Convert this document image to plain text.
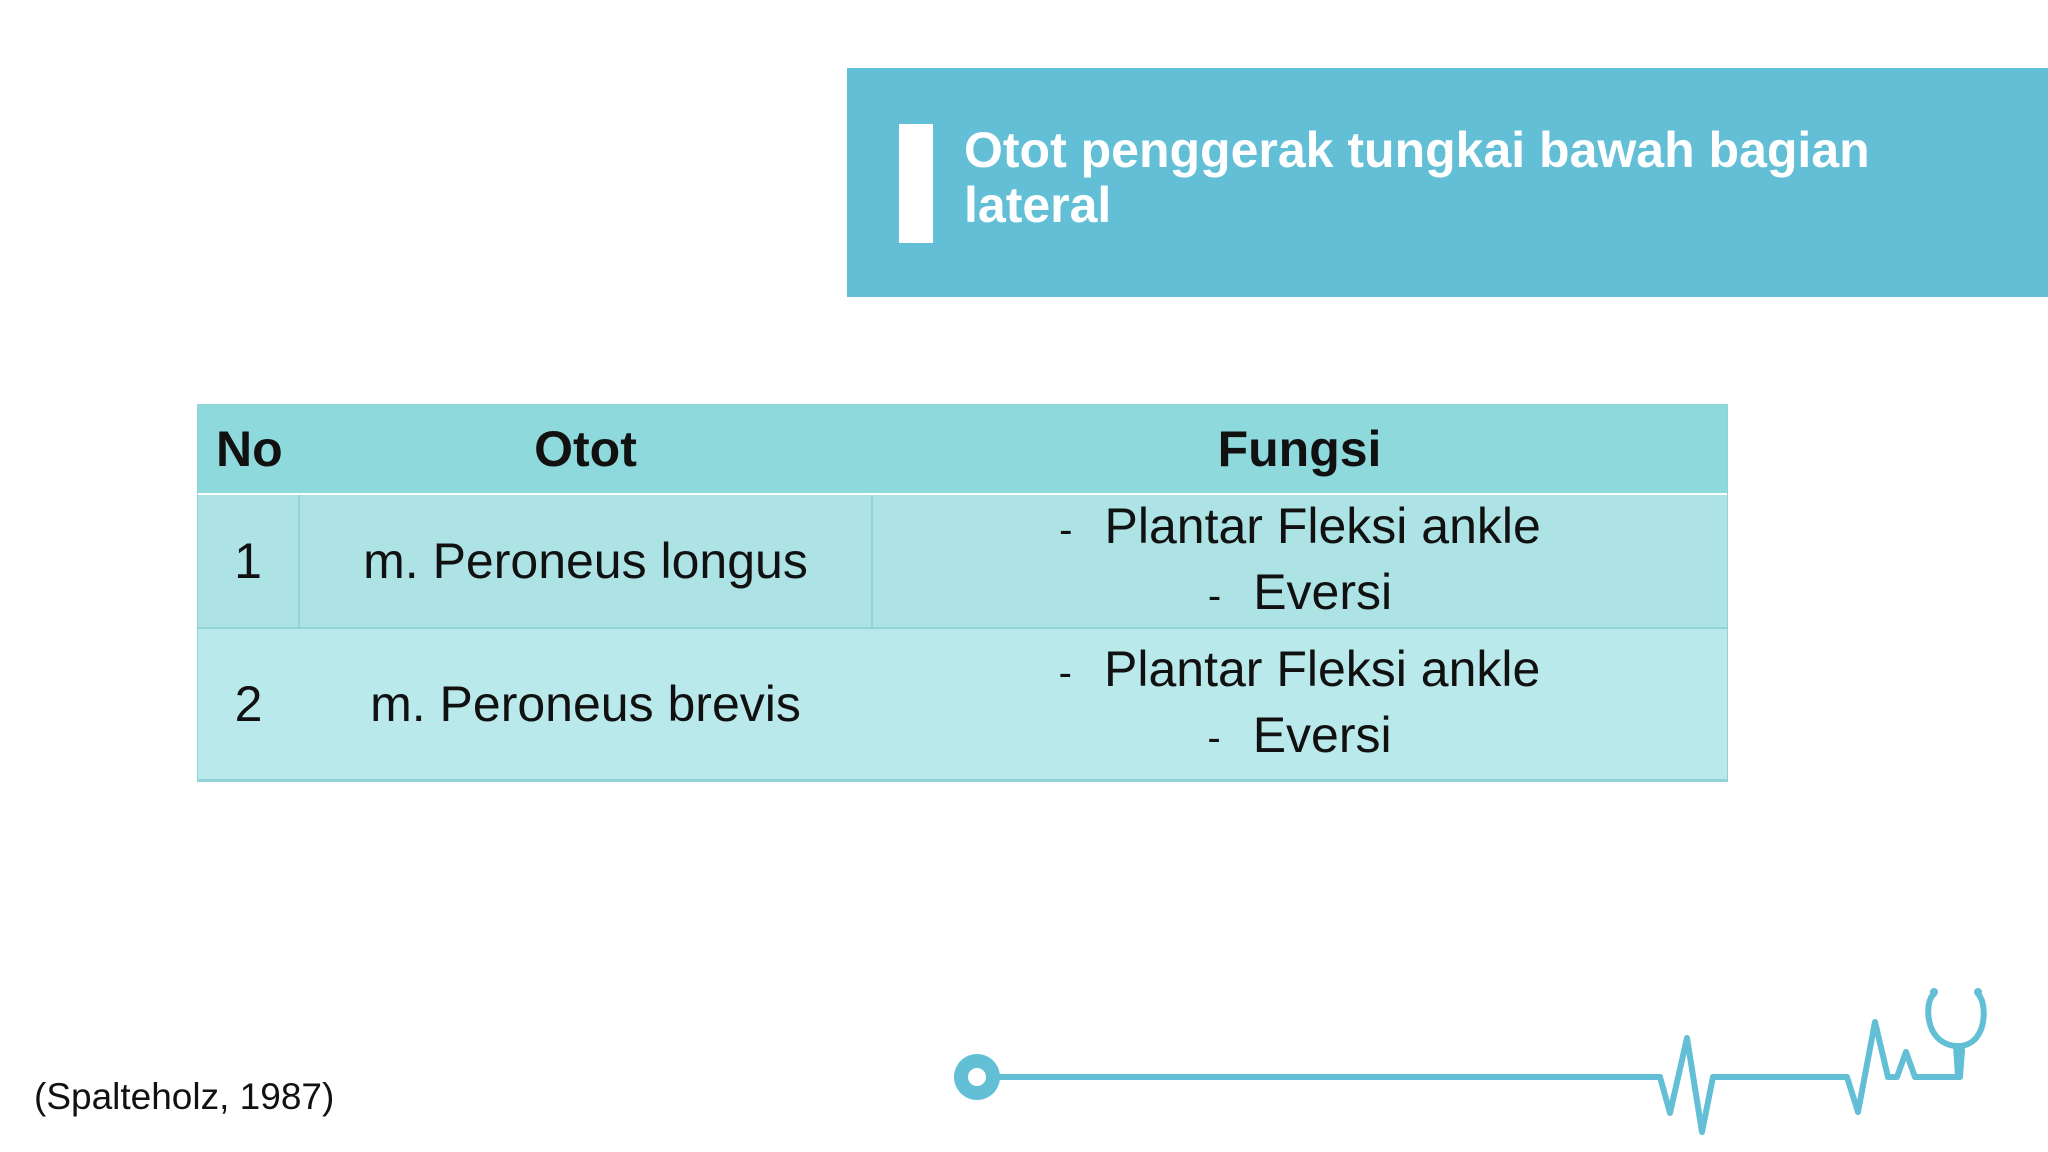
Otot penggerak tungkai bawah bagian lateral
No	Otot	Fungsi
1	m. Peroneus longus	- Plantar Fleksi ankle
- Eversi

2	m. Peroneus brevis	- Plantar Fleksi ankle
- Eversi
(Spalteholz, 1987)
